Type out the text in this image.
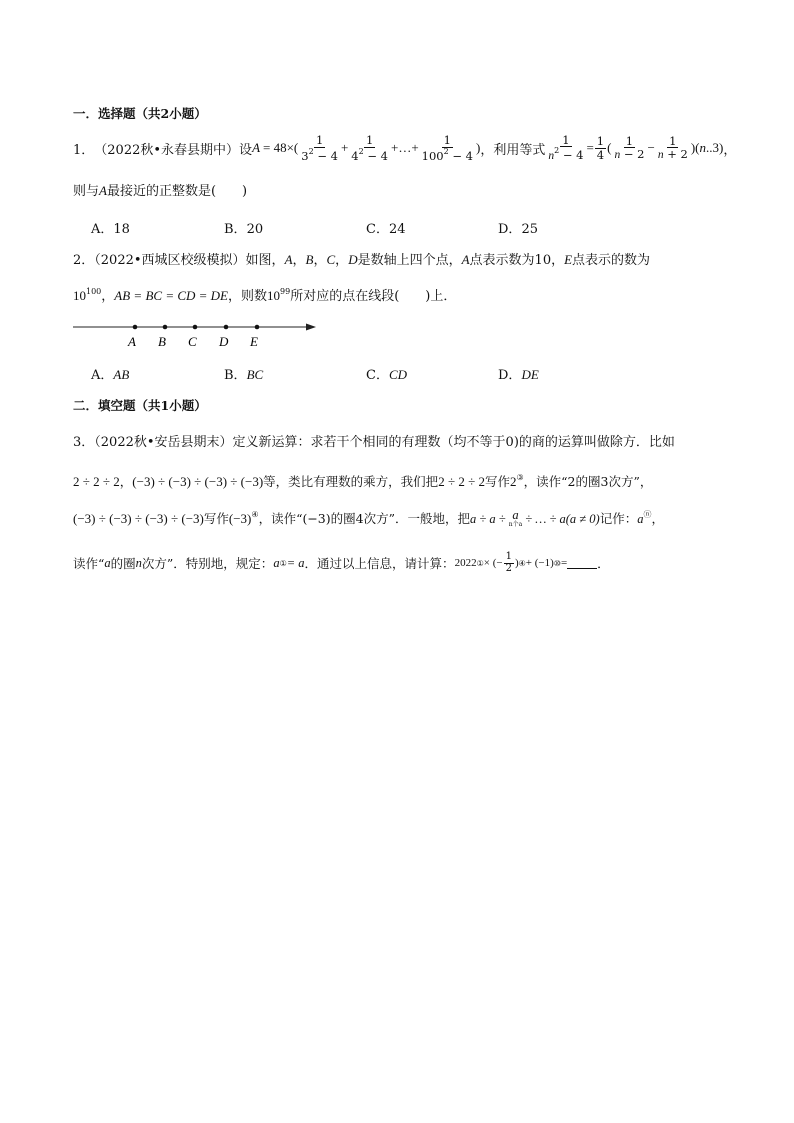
一．选择题（共2小题）
1． （2022秋•永春县期中） 设 $A = 48\times( \frac{1}{3^2 - 4} + \frac{1}{4^2 - 4}$ +…+ $\frac{1}{100^2 - 4}$ ) ，利用等式 $\frac{1}{n^2 - 4} = \frac{1}{4}$ ( $\frac{1}{n - 2} - \frac{1}{n + 2}$ )( n ..3) ，
则与A最接近的正整数是(　　)
A．18	B．20	C．24	D．25
2．（2022•西城区校级模拟）如图，A，B，C，D是数轴上四个点，A点表示数为10，E点表示的数为
$10^{100}$，AB = BC = CD = DE，则数$10^{99}$所对应的点在线段(　　)上．
A B C D E
A．AB	B．BC	C．CD	D．DE
二．填空题（共1小题）
3．（2022秋•安岳县期末）定义新运算：求若干个相同的有理数（均不等于0)的商的运算叫做除方．比如
2 ÷ 2 ÷ 2，(−3) ÷ (−3) ÷ (−3) ÷ (−3)等，类比有理数的乘方，我们把2 ÷ 2 ÷ 2写作2③，读作“2的圈3次方”，
(−3) ÷ (−3) ÷ (−3) ÷ (−3)写作(−3)④，读作“(−3)的圈4次方”．一般地，把a ÷ a ÷ a
n个a ÷ … ÷ a(a ≠ 0)记作：aⓝ，
读作“ a 的圈 n 次方”．特别地，规定： a ① = a ．通过以上信息，请计算： 2022 ① × (− $\frac{1}{2}$ ) ④ + (−1) ⑩ = ．
